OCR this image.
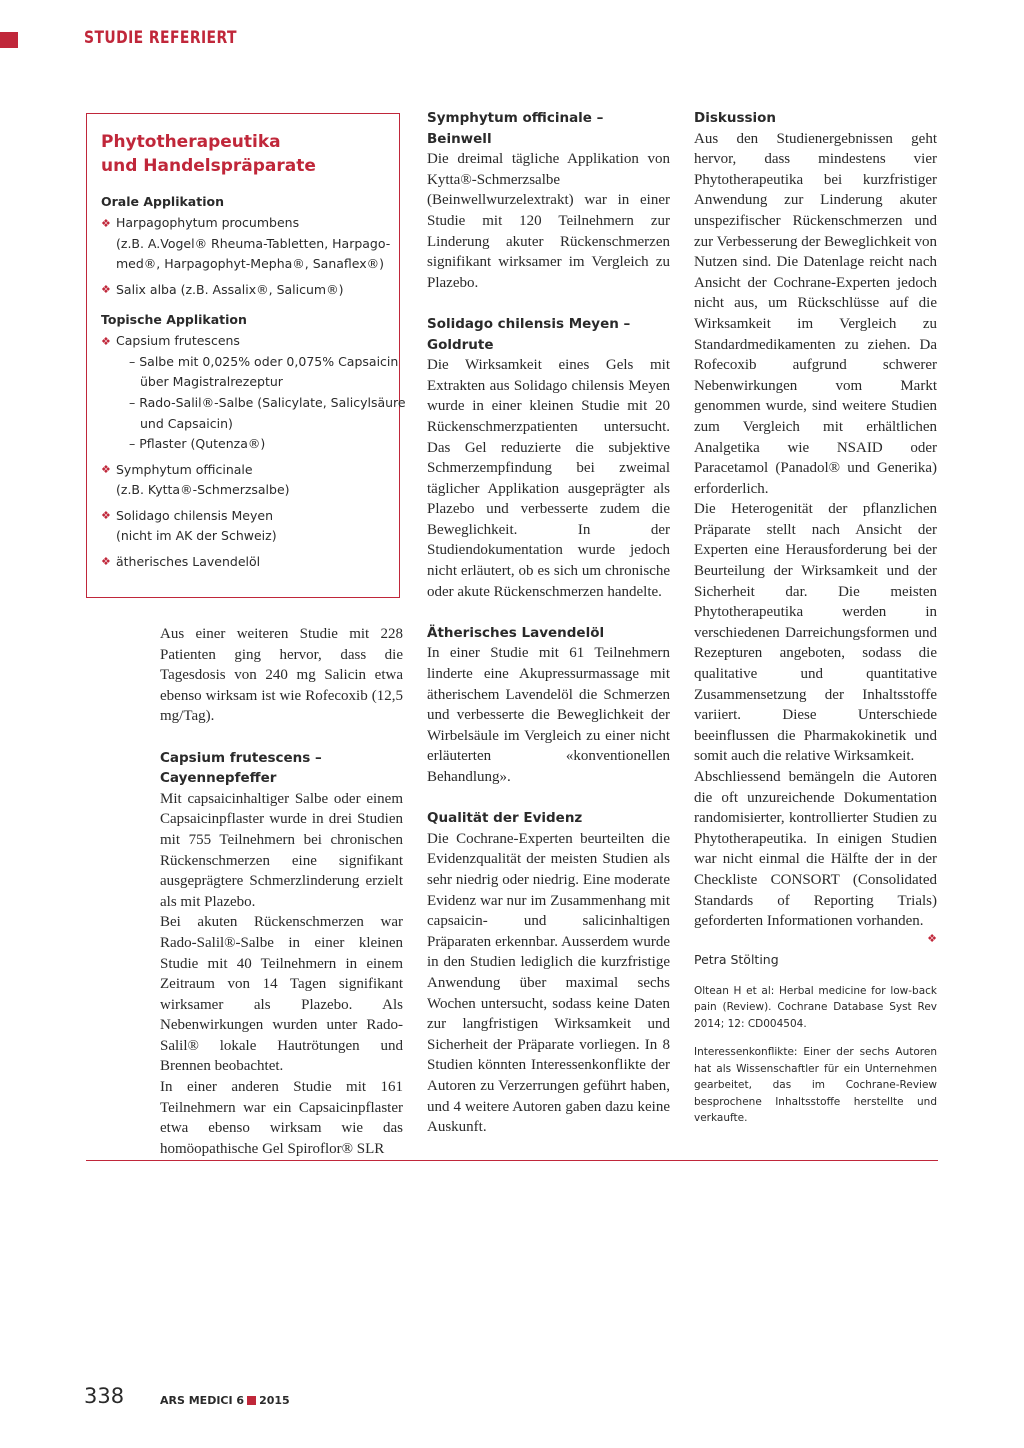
STUDIE REFERIERT
Phytotherapeutika
und Handelspräparate
Orale Applikation
❖ Harpagophytum procumbens
(z.B. A.Vogel® Rheuma-Tabletten, Harpago-
med®, Harpagophyt-Mepha®, Sanaflex®)
❖ Salix alba (z.B. Assalix®, Salicum®)
Topische Applikation
❖ Capsium frutescens
– Salbe mit 0,025% oder 0,075% Capsaicin
über Magistralrezeptur
– Rado-Salil®-Salbe (Salicylate, Salicylsäure
und Capsaicin)
– Pflaster (Qutenza®)
❖ Symphytum officinale
(z.B. Kytta®-Schmerzsalbe)
❖ Solidago chilensis Meyen
(nicht im AK der Schweiz)
❖ ätherisches Lavendelöl

Aus einer weiteren Studie mit 228 Patienten ging hervor, dass die Tagesdosis von 240 mg Salicin etwa ebenso wirksam ist wie Rofecoxib (12,5 mg/Tag).

Capsium frutescens – Cayennepfeffer

Mit capsaicinhaltiger Salbe oder einem Capsaicinpflaster wurde in drei Studien mit 755 Teilnehmern bei chronischen Rückenschmerzen eine signifikant ausgeprägtere Schmerzlinderung erzielt als mit Plazebo.

Bei akuten Rückenschmerzen war Rado-Salil®-Salbe in einer kleinen Studie mit 40 Teilnehmern in einem Zeitraum von 14 Tagen signifikant wirksamer als Plazebo. Als Nebenwirkungen wurden unter Rado-Salil® lokale Hautrötungen und Brennen beobachtet.

In einer anderen Studie mit 161 Teilnehmern war ein Capsaicinpflaster etwa ebenso wirksam wie das homöopathische Gel Spiroflor® SLR

Symphytum officinale – Beinwell

Die dreimal tägliche Applikation von Kytta®-Schmerzsalbe (Beinwellwurzelextrakt) war in einer Studie mit 120 Teilnehmern zur Linderung akuter Rückenschmerzen signifikant wirksamer im Vergleich zu Plazebo.

Solidago chilensis Meyen – Goldrute

Die Wirksamkeit eines Gels mit Extrakten aus Solidago chilensis Meyen wurde in einer kleinen Studie mit 20 Rückenschmerzpatienten untersucht. Das Gel reduzierte die subjektive Schmerzempfindung bei zweimal täglicher Applikation ausgeprägter als Plazebo und verbesserte zudem die Beweglichkeit. In der Studiendokumentation wurde jedoch nicht erläutert, ob es sich um chronische oder akute Rückenschmerzen handelte.

Ätherisches Lavendelöl

In einer Studie mit 61 Teilnehmern linderte eine Akupressurmassage mit ätherischem Lavendelöl die Schmerzen und verbesserte die Beweglichkeit der Wirbelsäule im Vergleich zu einer nicht erläuterten «konventionellen Behandlung».

Qualität der Evidenz

Die Cochrane-Experten beurteilten die Evidenzqualität der meisten Studien als sehr niedrig oder niedrig. Eine moderate Evidenz war nur im Zusammenhang mit capsaicin- und salicinhaltigen Präparaten erkennbar. Ausserdem wurde in den Studien lediglich die kurzfristige Anwendung über maximal sechs Wochen untersucht, sodass keine Daten zur langfristigen Wirksamkeit und Sicherheit der Präparate vorliegen. In 8 Studien könnten Interessenkonflikte der Autoren zu Verzerrungen geführt haben, und 4 weitere Autoren gaben dazu keine Auskunft.

Diskussion

Aus den Studienergebnissen geht hervor, dass mindestens vier Phytotherapeutika bei kurzfristiger Anwendung zur Linderung akuter unspezifischer Rückenschmerzen und zur Verbesserung der Beweglichkeit von Nutzen sind. Die Datenlage reicht nach Ansicht der Cochrane-Experten jedoch nicht aus, um Rückschlüsse auf die Wirksamkeit im Vergleich zu Standardmedikamenten zu ziehen. Da Rofecoxib aufgrund schwerer Nebenwirkungen vom Markt genommen wurde, sind weitere Studien zum Vergleich mit erhältlichen Analgetika wie NSAID oder Paracetamol (Panadol® und Generika) erforderlich.

Die Heterogenität der pflanzlichen Präparate stellt nach Ansicht der Experten eine Herausforderung bei der Beurteilung der Wirksamkeit und der Sicherheit dar. Die meisten Phytotherapeutika werden in verschiedenen Darreichungsformen und Rezepturen angeboten, sodass die qualitative und quantitative Zusammensetzung der Inhaltsstoffe variiert. Diese Unterschiede beeinflussen die Pharmakokinetik und somit auch die relative Wirksamkeit.

Abschliessend bemängeln die Autoren die oft unzureichende Dokumentation randomisierter, kontrollierter Studien zu Phytotherapeutika. In einigen Studien war nicht einmal die Hälfte der in der Checkliste CONSORT (Consolidated Standards of Reporting Trials) geforderten Informationen vorhanden.

❖
Petra Stölting

Oltean H et al: Herbal medicine for low-back pain (Review). Cochrane Database Syst Rev 2014; 12: CD004504.

Interessenkonflikte: Einer der sechs Autoren hat als Wissenschaftler für ein Unternehmen gearbeitet, das im Cochrane-Review besprochene Inhaltsstoffe herstellte und verkaufte.

338	ARS MEDICI 6 2015
